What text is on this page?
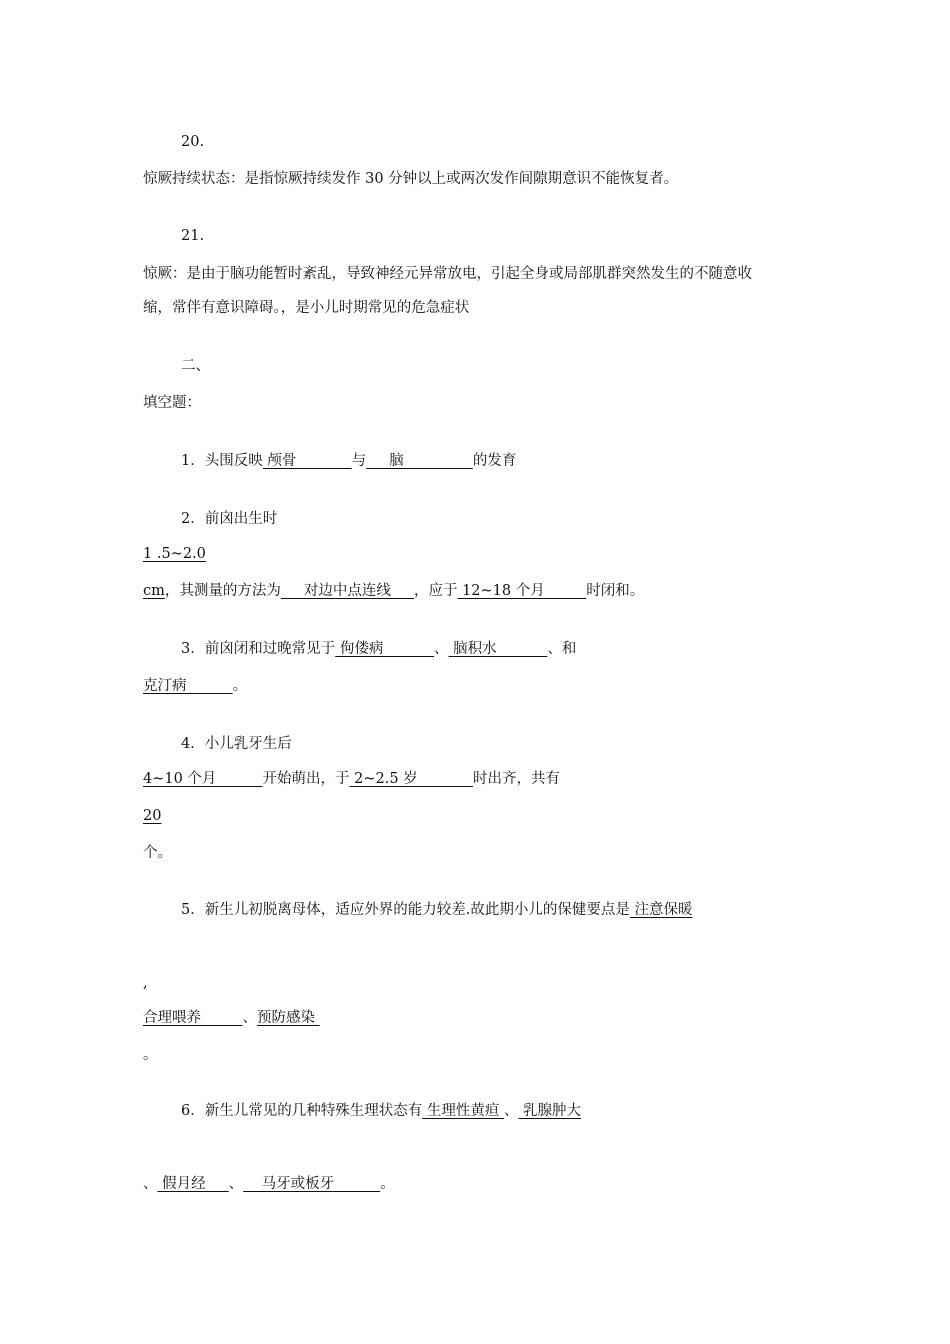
20.
惊厥持续状态：是指惊厥持续发作 30 分钟以上或两次发作间隙期意识不能恢复者。
21.
惊厥：是由于脑功能暂时紊乱，导致神经元异常放电，引起全身或局部肌群突然发生的不随意收
缩，常伴有意识障碍。，是小儿时期常见的危急症状
二、
填空题：
1．头围反映 颅骨            与     脑               的发育
2．前囟出生时
1 .5~2.0
cm，其测量的方法为     对边中点连线     ，应于 12~18 个月         时闭和。
3．前囟闭和过晚常见于 佝偻病           、 脑积水           、和
克汀病          。
4．小儿乳牙生后
4~10 个月          开始萌出，于 2~2.5 岁            时出齐，共有
20
个。
5．新生儿初脱离母体，适应外界的能力较差.故此期小儿的保健要点是 注意保暖
,
合理喂养         、预防感染
。
6．新生儿常见的几种特殊生理状态有 生理性黄疸 、 乳腺肿大
、 假月经     、    马牙或板牙          。
